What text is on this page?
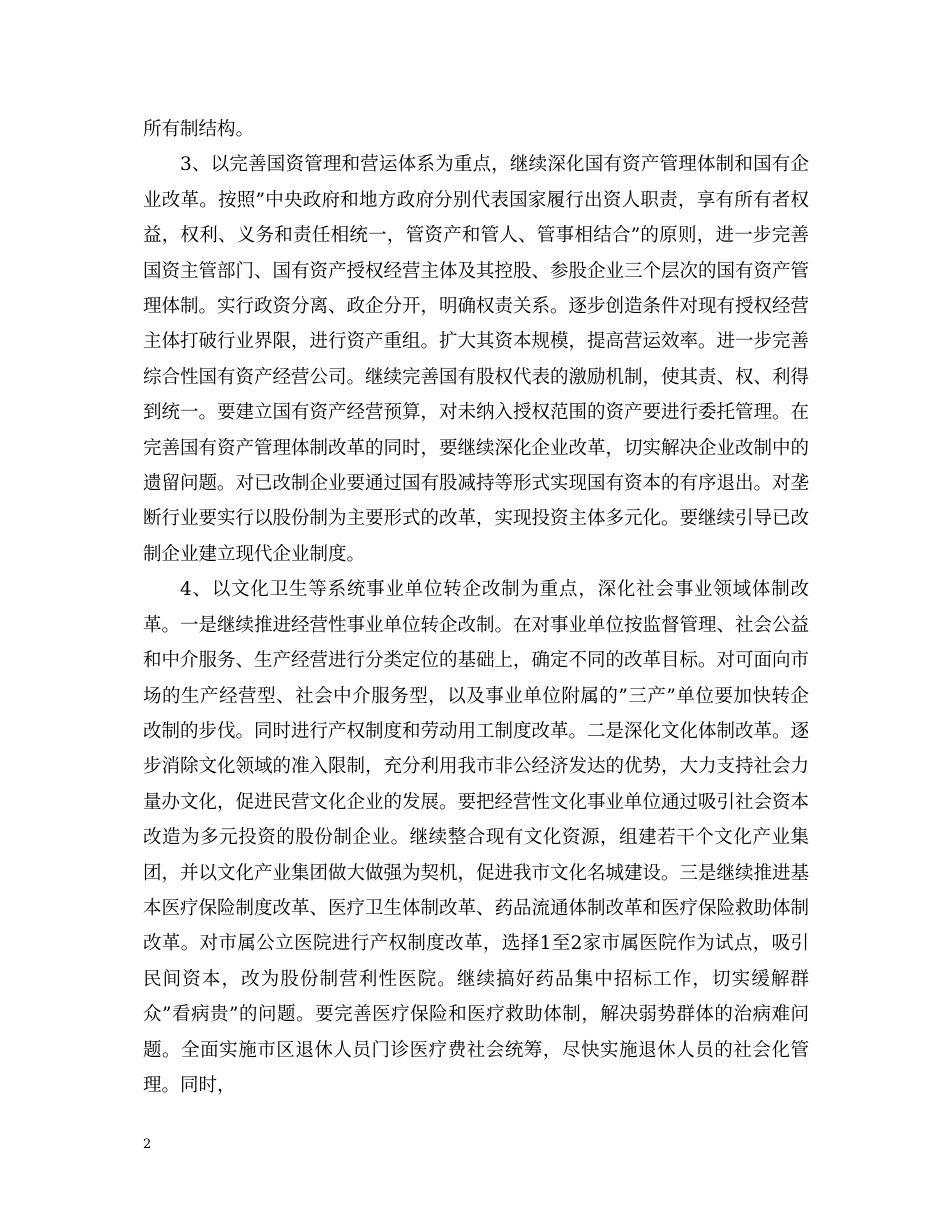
所有制结构。

3、以完善国资管理和营运体系为重点，继续深化国有资产管理体制和国有企业改革。按照”中央政府和地方政府分别代表国家履行出资人职责，享有所有者权益，权利、义务和责任相统一，管资产和管人、管事相结合”的原则，进一步完善国资主管部门、国有资产授权经营主体及其控股、参股企业三个层次的国有资产管理体制。实行政资分离、政企分开，明确权责关系。逐步创造条件对现有授权经营主体打破行业界限，进行资产重组。扩大其资本规模，提高营运效率。进一步完善综合性国有资产经营公司。继续完善国有股权代表的激励机制，使其责、权、利得到统一。要建立国有资产经营预算，对未纳入授权范围的资产要进行委托管理。在完善国有资产管理体制改革的同时，要继续深化企业改革，切实解决企业改制中的遗留问题。对已改制企业要通过国有股减持等形式实现国有资本的有序退出。对垄断行业要实行以股份制为主要形式的改革，实现投资主体多元化。要继续引导已改制企业建立现代企业制度。

4、以文化卫生等系统事业单位转企改制为重点，深化社会事业领域体制改革。一是继续推进经营性事业单位转企改制。在对事业单位按监督管理、社会公益和中介服务、生产经营进行分类定位的基础上，确定不同的改革目标。对可面向市场的生产经营型、社会中介服务型，以及事业单位附属的”三产”单位要加快转企改制的步伐。同时进行产权制度和劳动用工制度改革。二是深化文化体制改革。逐步消除文化领域的准入限制，充分利用我市非公经济发达的优势，大力支持社会力量办文化，促进民营文化企业的发展。要把经营性文化事业单位通过吸引社会资本改造为多元投资的股份制企业。继续整合现有文化资源，组建若干个文化产业集团，并以文化产业集团做大做强为契机，促进我市文化名城建设。三是继续推进基本医疗保险制度改革、医疗卫生体制改革、药品流通体制改革和医疗保险救助体制改革。对市属公立医院进行产权制度改革，选择1至2家市属医院作为试点，吸引民间资本，改为股份制营利性医院。继续搞好药品集中招标工作，切实缓解群众”看病贵”的问题。要完善医疗保险和医疗救助体制，解决弱势群体的治病难问题。全面实施市区退休人员门诊医疗费社会统筹，尽快实施退休人员的社会化管理。同时，

2
